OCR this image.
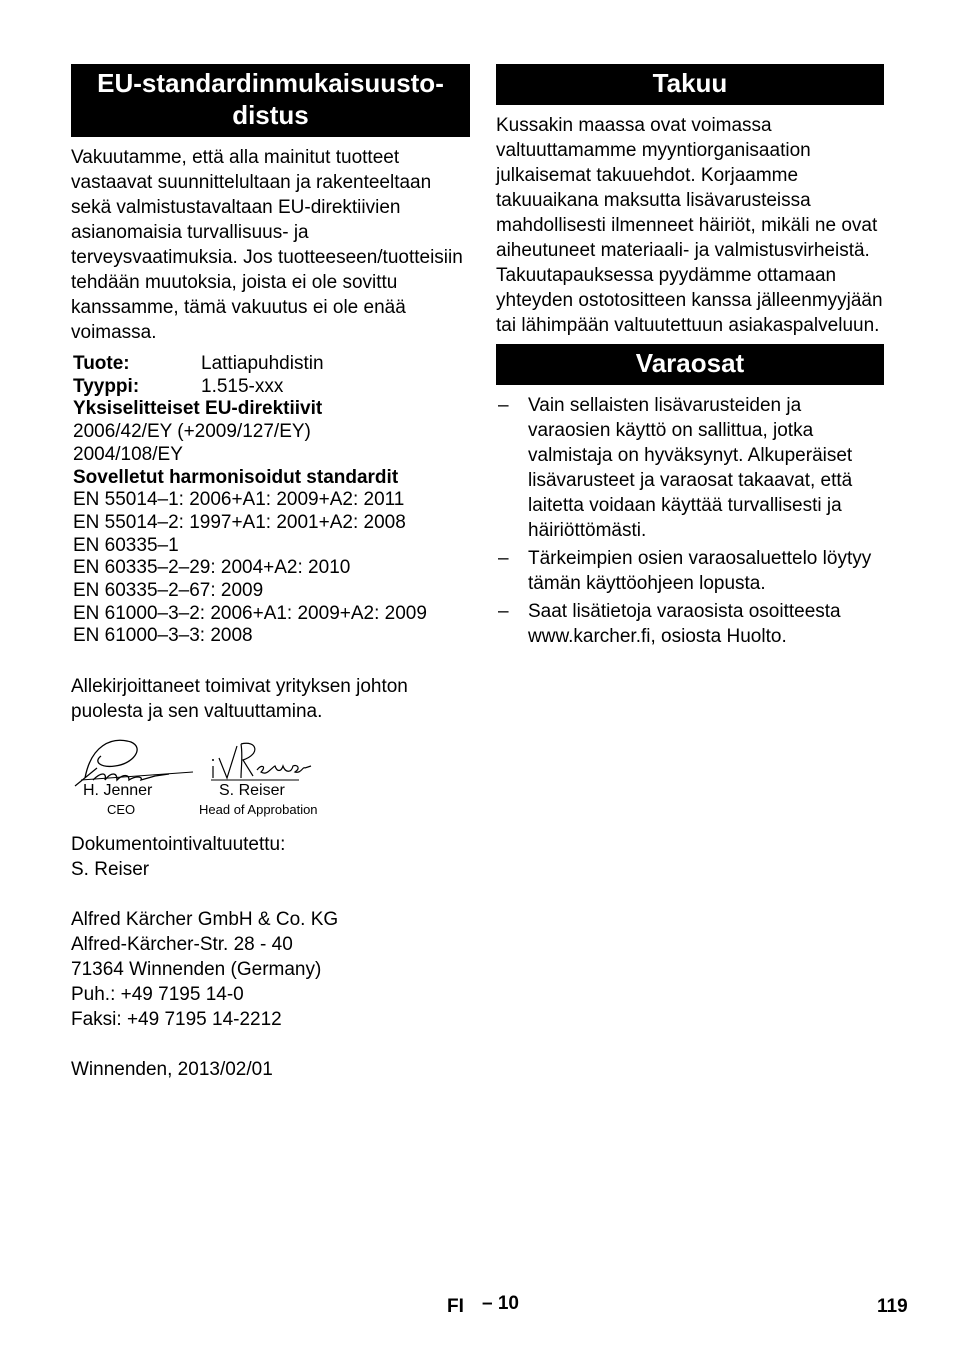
EU-standardinmukaisuusto-
distus

Vakuutamme, että alla mainitut tuotteet vastaavat suunnittelultaan ja rakenteeltaan sekä valmistustavaltaan EU-direktiivien asianomaisia turvallisuus- ja terveysvaatimuksia. Jos tuotteeseen/tuotteisiin tehdään muutoksia, joista ei ole sovittu kanssamme, tämä vakuutus ei ole enää voimassa.

Tuote:	Lattiapuhdistin
Tyyppi:	1.515-xxx
Yksiselitteiset EU-direktiivit
2006/42/EY (+2009/127/EY)
2004/108/EY
Sovelletut harmonisoidut standardit
EN 55014–1: 2006+A1: 2009+A2: 2011
EN 55014–2: 1997+A1: 2001+A2: 2008
EN 60335–1
EN 60335–2–29: 2004+A2: 2010
EN 60335–2–67: 2009
EN 61000–3–2: 2006+A1: 2009+A2: 2009
EN 61000–3–3: 2008

Allekirjoittaneet toimivat yrityksen johton puolesta ja sen valtuuttamina.

H. Jenner
CEO
S. Reiser
Head of Approbation
Dokumentointivaltuutettu:
S. Reiser
Alfred Kärcher GmbH & Co. KG
Alfred-Kärcher-Str. 28 - 40
71364 Winnenden (Germany)
Puh.: +49 7195 14-0
Faksi: +49 7195 14-2212
Winnenden, 2013/02/01
Takuu

Kussakin maassa ovat voimassa valtuuttamamme myyntiorganisaation julkaisemat takuuehdot. Korjaamme takuuaikana maksutta lisävarusteissa mahdollisesti ilmenneet häiriöt, mikäli ne ovat aiheutuneet materiaali- ja valmistusvirheistä. Takuutapauksessa pyydämme ottamaan yhteyden ostotositteen kanssa jälleenmyyjään tai lähimpään valtuutettuun asiakaspalveluun.

Varaosat
– Vain sellaisten lisävarusteiden ja varaosien käyttö on sallittua, jotka valmistaja on hyväksynyt. Alkuperäiset lisävarusteet ja varaosat takaavat, että laitetta voidaan käyttää turvallisesti ja häiriöttömästi.
– Tärkeimpien osien varaosaluettelo löytyy tämän käyttöohjeen lopusta.
– Saat lisätietoja varaosista osoitteesta www.karcher.fi, osiosta Huolto.
FI – 10	119
